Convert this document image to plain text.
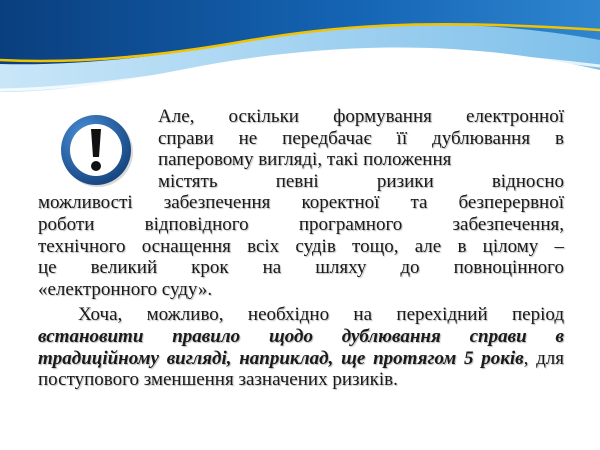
Але, оскільки формування електронної
справи не передбачає її дублювання в
паперовому вигляді, такі положення
містять певні ризики відносно
можливості забезпечення коректної та безперервної
роботи відповідного програмного забезпечення,
технічного оснащення всіх судів тощо, але в цілому –
це великий крок на шляху до повноцінного
«електронного суду».

Хоча, можливо, необхідно на перехідний період встановити правило щодо дублювання справи в традиційному вигляді, наприклад, ще протягом 5 років, для поступового зменшення зазначених ризиків.
